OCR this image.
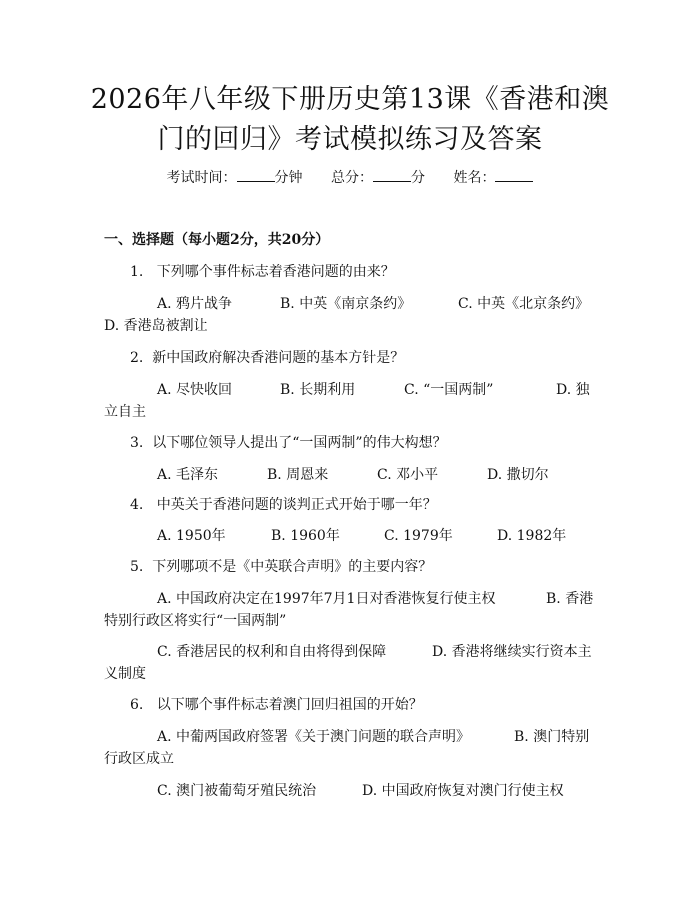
2026年八年级下册历史第13课《香港和澳
门的回归》考试模拟练习及答案
考试时间：	分钟 总分：	分 姓名：
一、选择题（每小题2分，共20分）
1. 下列哪个事件标志着香港问题的由来？
A. 鸦片战争	B. 中英《南京条约》	C. 中英《北京条约》
D. 香港岛被割让
2. 新中国政府解决香港问题的基本方针是？
A. 尽快收回	B. 长期利用	C. “一国两制”	D. 独
立自主
3. 以下哪位领导人提出了“一国两制”的伟大构想？
A. 毛泽东	B. 周恩来	C. 邓小平	D. 撒切尔
4. 中英关于香港问题的谈判正式开始于哪一年？
A. 1950年	B. 1960年	C. 1979年	D. 1982年
5. 下列哪项不是《中英联合声明》的主要内容？
A. 中国政府决定在1997年7月1日对香港恢复行使主权	B. 香港
特别行政区将实行“一国两制”
C. 香港居民的权利和自由将得到保障	D. 香港将继续实行资本主
义制度
6. 以下哪个事件标志着澳门回归祖国的开始？
A. 中葡两国政府签署《关于澳门问题的联合声明》	B. 澳门特别
行政区成立
C. 澳门被葡萄牙殖民统治	D. 中国政府恢复对澳门行使主权
